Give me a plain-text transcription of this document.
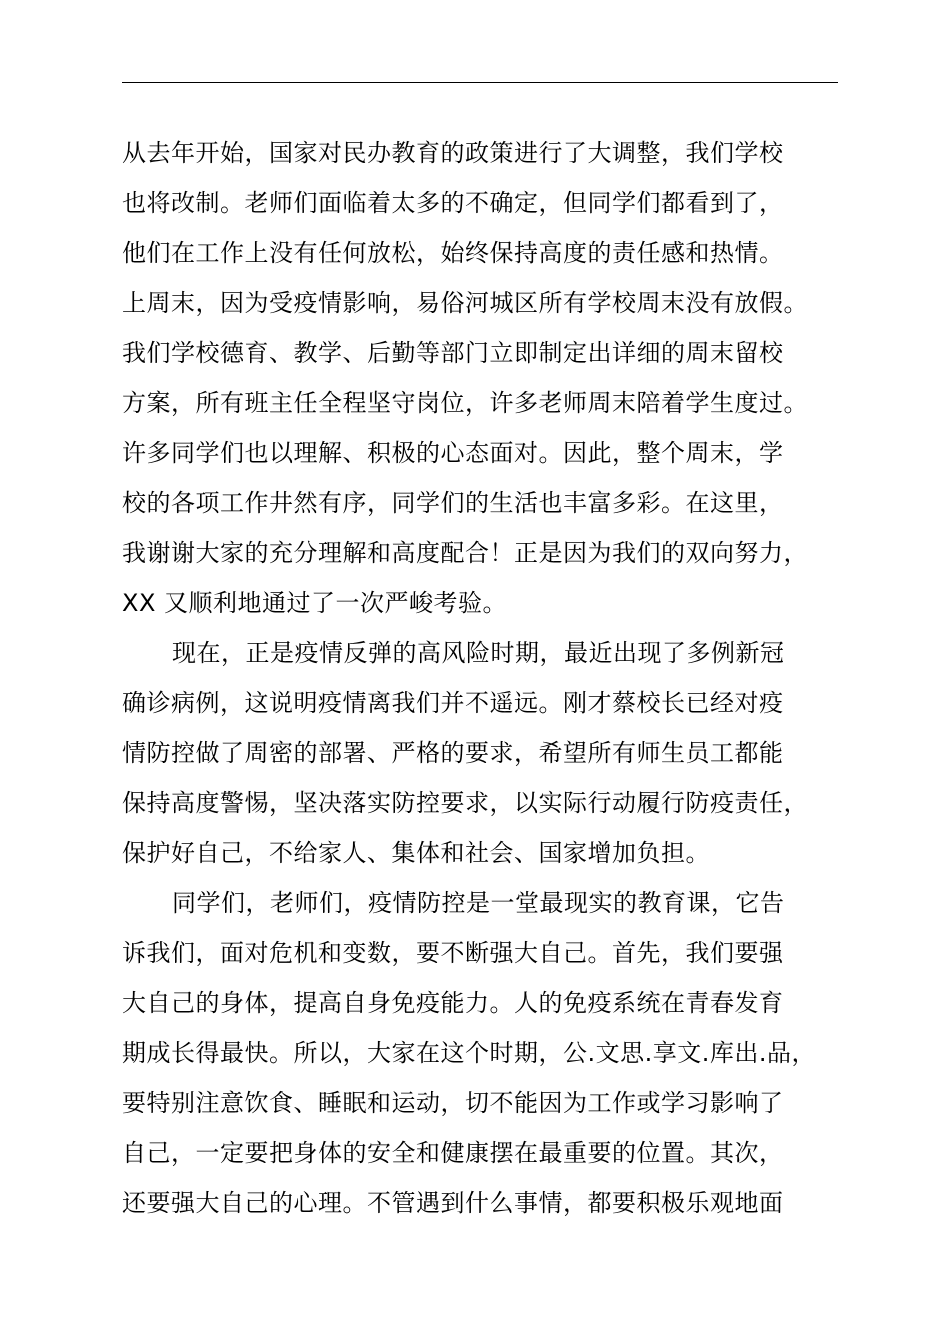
从去年开始，国家对民办教育的政策进行了大调整，我们学校
也将改制。老师们面临着太多的不确定，但同学们都看到了，
他们在工作上没有任何放松，始终保持高度的责任感和热情。
上周末，因为受疫情影响，易俗河城区所有学校周末没有放假。
我们学校德育、教学、后勤等部门立即制定出详细的周末留校
方案，所有班主任全程坚守岗位，许多老师周末陪着学生度过。
许多同学们也以理解、积极的心态面对。因此，整个周末，学
校的各项工作井然有序，同学们的生活也丰富多彩。在这里，
我谢谢大家的充分理解和高度配合！正是因为我们的双向努力，
XX 又顺利地通过了一次严峻考验。
现在，正是疫情反弹的高风险时期，最近出现了多例新冠
确诊病例，这说明疫情离我们并不遥远。刚才蔡校长已经对疫
情防控做了周密的部署、严格的要求，希望所有师生员工都能
保持高度警惕，坚决落实防控要求，以实际行动履行防疫责任，
保护好自己，不给家人、集体和社会、国家增加负担。
同学们，老师们，疫情防控是一堂最现实的教育课，它告
诉我们，面对危机和变数，要不断强大自己。首先，我们要强
大自己的身体，提高自身免疫能力。人的免疫系统在青春发育
期成长得最快。所以，大家在这个时期，公.文思.享文.库出.品，
要特别注意饮食、睡眠和运动，切不能因为工作或学习影响了
自己，一定要把身体的安全和健康摆在最重要的位置。其次，
还要强大自己的心理。不管遇到什么事情，都要积极乐观地面
